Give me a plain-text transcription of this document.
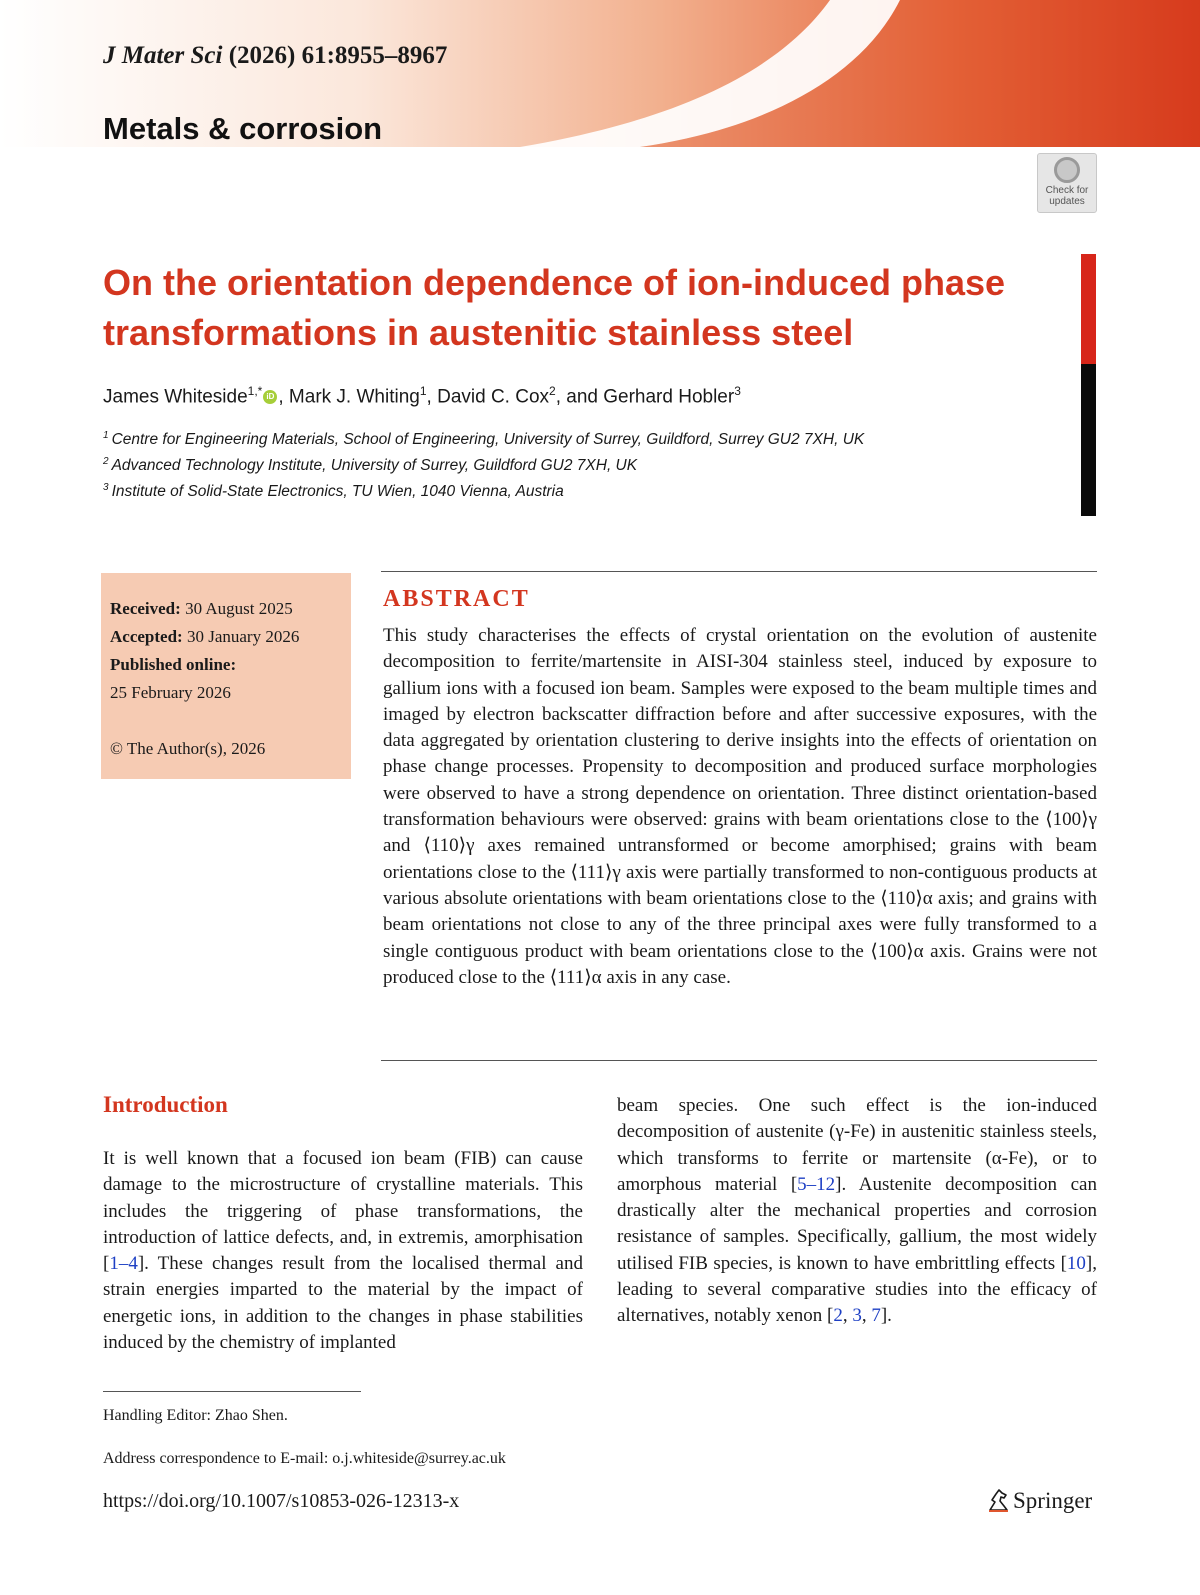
J Mater Sci (2026) 61:8955–8967
Metals & corrosion
Check for
updates
On the orientation dependence of ion-induced phase transformations in austenitic stainless steel
James Whiteside$^{1,*}$ iD , Mark J. Whiting$^1$, David C. Cox$^2$, and Gerhard Hobler$^3$
$^1$ Centre for Engineering Materials, School of Engineering, University of Surrey, Guildford, Surrey GU2 7XH, UK
$^2$ Advanced Technology Institute, University of Surrey, Guildford GU2 7XH, UK
$^3$ Institute of Solid-State Electronics, TU Wien, 1040 Vienna, Austria
Received: 30 August 2025
Accepted: 30 January 2026
Published online:
25 February 2026
© The Author(s), 2026
ABSTRACT

This study characterises the effects of crystal orientation on the evolution of austenite decomposition to ferrite/martensite in AISI-304 stainless steel, induced by exposure to gallium ions with a focused ion beam. Samples were exposed to the beam multiple times and imaged by electron backscatter diffraction before and after successive exposures, with the data aggregated by orientation clustering to derive insights into the effects of orientation on phase change processes. Propensity to decomposition and produced surface morphologies were observed to have a strong dependence on orientation. Three distinct orientation-based transformation behaviours were observed: grains with beam orientations close to the ⟨100⟩γ and ⟨110⟩γ axes remained untransformed or become amorphised; grains with beam orientations close to the ⟨111⟩γ axis were partially transformed to non-contiguous products at various absolute orientations with beam orientations close to the ⟨110⟩α axis; and grains with beam orientations not close to any of the three principal axes were fully transformed to a single contiguous product with beam orientations close to the ⟨100⟩α axis. Grains were not produced close to the ⟨111⟩α axis in any case.

Introduction

It is well known that a focused ion beam (FIB) can cause damage to the microstructure of crystalline materials. This includes the triggering of phase transformations, the introduction of lattice defects, and, in extremis, amorphisation [1–4]. These changes result from the localised thermal and strain energies imparted to the material by the impact of energetic ions, in addition to the changes in phase stabilities induced by the chemistry of implanted

beam species. One such effect is the ion-induced decomposition of austenite (γ-Fe) in austenitic stainless steels, which transforms to ferrite or martensite (α-Fe), or to amorphous material [5–12]. Austenite decomposition can drastically alter the mechanical properties and corrosion resistance of samples. Specifically, gallium, the most widely utilised FIB species, is known to have embrittling effects [10], leading to several comparative studies into the efficacy of alternatives, notably xenon [2, 3, 7].

Handling Editor: Zhao Shen.
Address correspondence to E-mail: o.j.whiteside@surrey.ac.uk
https://doi.org/10.1007/s10853-026-12313-x	Springer
